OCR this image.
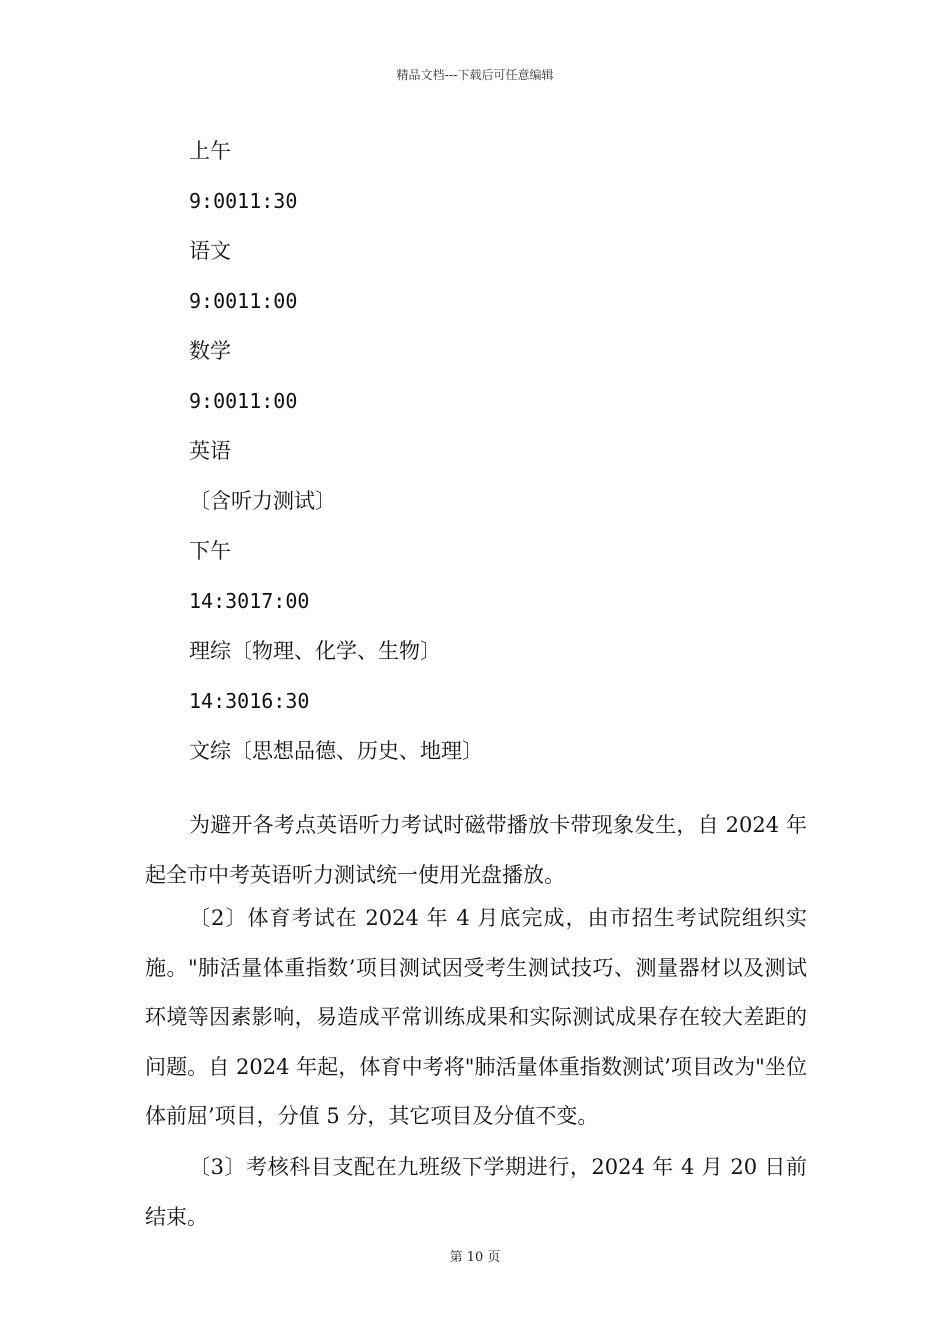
精品文档---下载后可任意编辑
上午
9:0011:30
语文
9:0011:00
数学
9:0011:00
英语
〔含听力测试〕
下午
14:3017:00
理综〔物理、化学、生物〕
14:3016:30
文综〔思想品德、历史、地理〕

为避开各考点英语听力考试时磁带播放卡带现象发生，自 2024 年起全市中考英语听力测试统一使用光盘播放。

〔2〕体育考试在 2024 年 4 月底完成，由市招生考试院组织实施。"肺活量体重指数’项目测试因受考生测试技巧、测量器材以及测试环境等因素影响，易造成平常训练成果和实际测试成果存在较大差距的问题。自 2024 年起，体育中考将"肺活量体重指数测试’项目改为"坐位体前屈’项目，分值 5 分，其它项目及分值不变。

〔3〕考核科目支配在九班级下学期进行，2024 年 4 月 20 日前结束。

第 10 页
